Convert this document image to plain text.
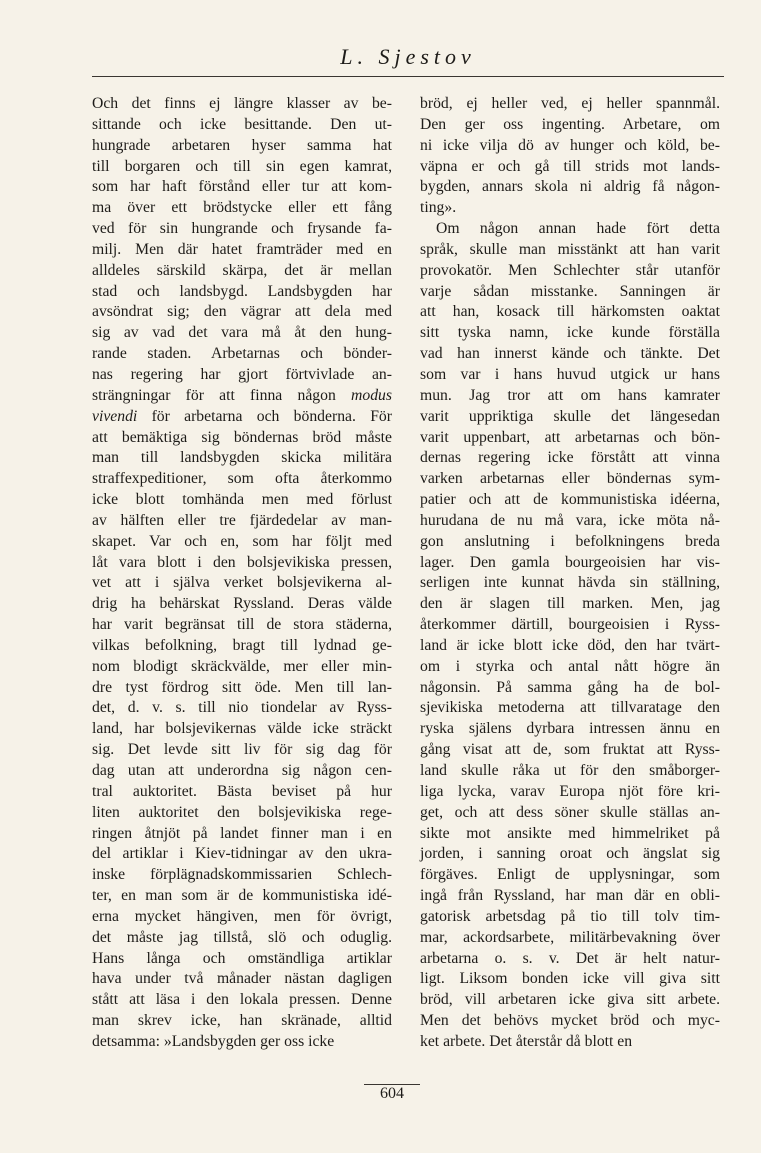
L. Sjestov
Och det finns ej längre klasser av be-
sittande och icke besittande. Den ut-
hungrade arbetaren hyser samma hat
till borgaren och till sin egen kamrat,
som har haft förstånd eller tur att kom-
ma över ett brödstycke eller ett fång
ved för sin hungrande och frysande fa-
milj. Men där hatet framträder med en
alldeles särskild skärpa, det är mellan
stad och landsbygd. Landsbygden har
avsöndrat sig; den vägrar att dela med
sig av vad det vara må åt den hung-
rande staden. Arbetarnas och bönder-
nas regering har gjort förtvivlade an-
strängningar för att finna någon modus
vivendi för arbetarna och bönderna. För
att bemäktiga sig böndernas bröd måste
man till landsbygden skicka militära
straffexpeditioner, som ofta återkommo
icke blott tomhända men med förlust
av hälften eller tre fjärdedelar av man-
skapet. Var och en, som har följt med
låt vara blott i den bolsjevikiska pressen,
vet att i själva verket bolsjevikerna al-
drig ha behärskat Ryssland. Deras välde
har varit begränsat till de stora städerna,
vilkas befolkning, bragt till lydnad ge-
nom blodigt skräckvälde, mer eller min-
dre tyst fördrog sitt öde. Men till lan-
det, d. v. s. till nio tiondelar av Ryss-
land, har bolsjevikernas välde icke sträckt
sig. Det levde sitt liv för sig dag för
dag utan att underordna sig någon cen-
tral auktoritet. Bästa beviset på hur
liten auktoritet den bolsjevikiska rege-
ringen åtnjöt på landet finner man i en
del artiklar i Kiev-tidningar av den ukra-
inske förplägnadskommissarien Schlech-
ter, en man som är de kommunistiska idé-
erna mycket hängiven, men för övrigt,
det måste jag tillstå, slö och oduglig.
Hans långa och omständliga artiklar
hava under två månader nästan dagligen
stått att läsa i den lokala pressen. Denne
man skrev icke, han skränade, alltid
detsamma: »Landsbygden ger oss icke
bröd, ej heller ved, ej heller spannmål.
Den ger oss ingenting. Arbetare, om
ni icke vilja dö av hunger och köld, be-
väpna er och gå till strids mot lands-
bygden, annars skola ni aldrig få någon-
ting».
Om någon annan hade fört detta
språk, skulle man misstänkt att han varit
provokatör. Men Schlechter står utanför
varje sådan misstanke. Sanningen är
att han, kosack till härkomsten oaktat
sitt tyska namn, icke kunde förställa
vad han innerst kände och tänkte. Det
som var i hans huvud utgick ur hans
mun. Jag tror att om hans kamrater
varit uppriktiga skulle det längesedan
varit uppenbart, att arbetarnas och bön-
dernas regering icke förstått att vinna
varken arbetarnas eller böndernas sym-
patier och att de kommunistiska idéerna,
hurudana de nu må vara, icke möta nå-
gon anslutning i befolkningens breda
lager. Den gamla bourgeoisien har vis-
serligen inte kunnat hävda sin ställning,
den är slagen till marken. Men, jag
återkommer därtill, bourgeoisien i Ryss-
land är icke blott icke död, den har tvärt-
om i styrka och antal nått högre än
någonsin. På samma gång ha de bol-
sjevikiska metoderna att tillvaratage den
ryska själens dyrbara intressen ännu en
gång visat att de, som fruktat att Ryss-
land skulle råka ut för den småborger-
liga lycka, varav Europa njöt före kri-
get, och att dess söner skulle ställas an-
sikte mot ansikte med himmelriket på
jorden, i sanning oroat och ängslat sig
förgäves. Enligt de upplysningar, som
ingå från Ryssland, har man där en obli-
gatorisk arbetsdag på tio till tolv tim-
mar, ackordsarbete, militärbevakning över
arbetarna o. s. v. Det är helt natur-
ligt. Liksom bonden icke vill giva sitt
bröd, vill arbetaren icke giva sitt arbete.
Men det behövs mycket bröd och myc-
ket arbete. Det återstår då blott en
604
